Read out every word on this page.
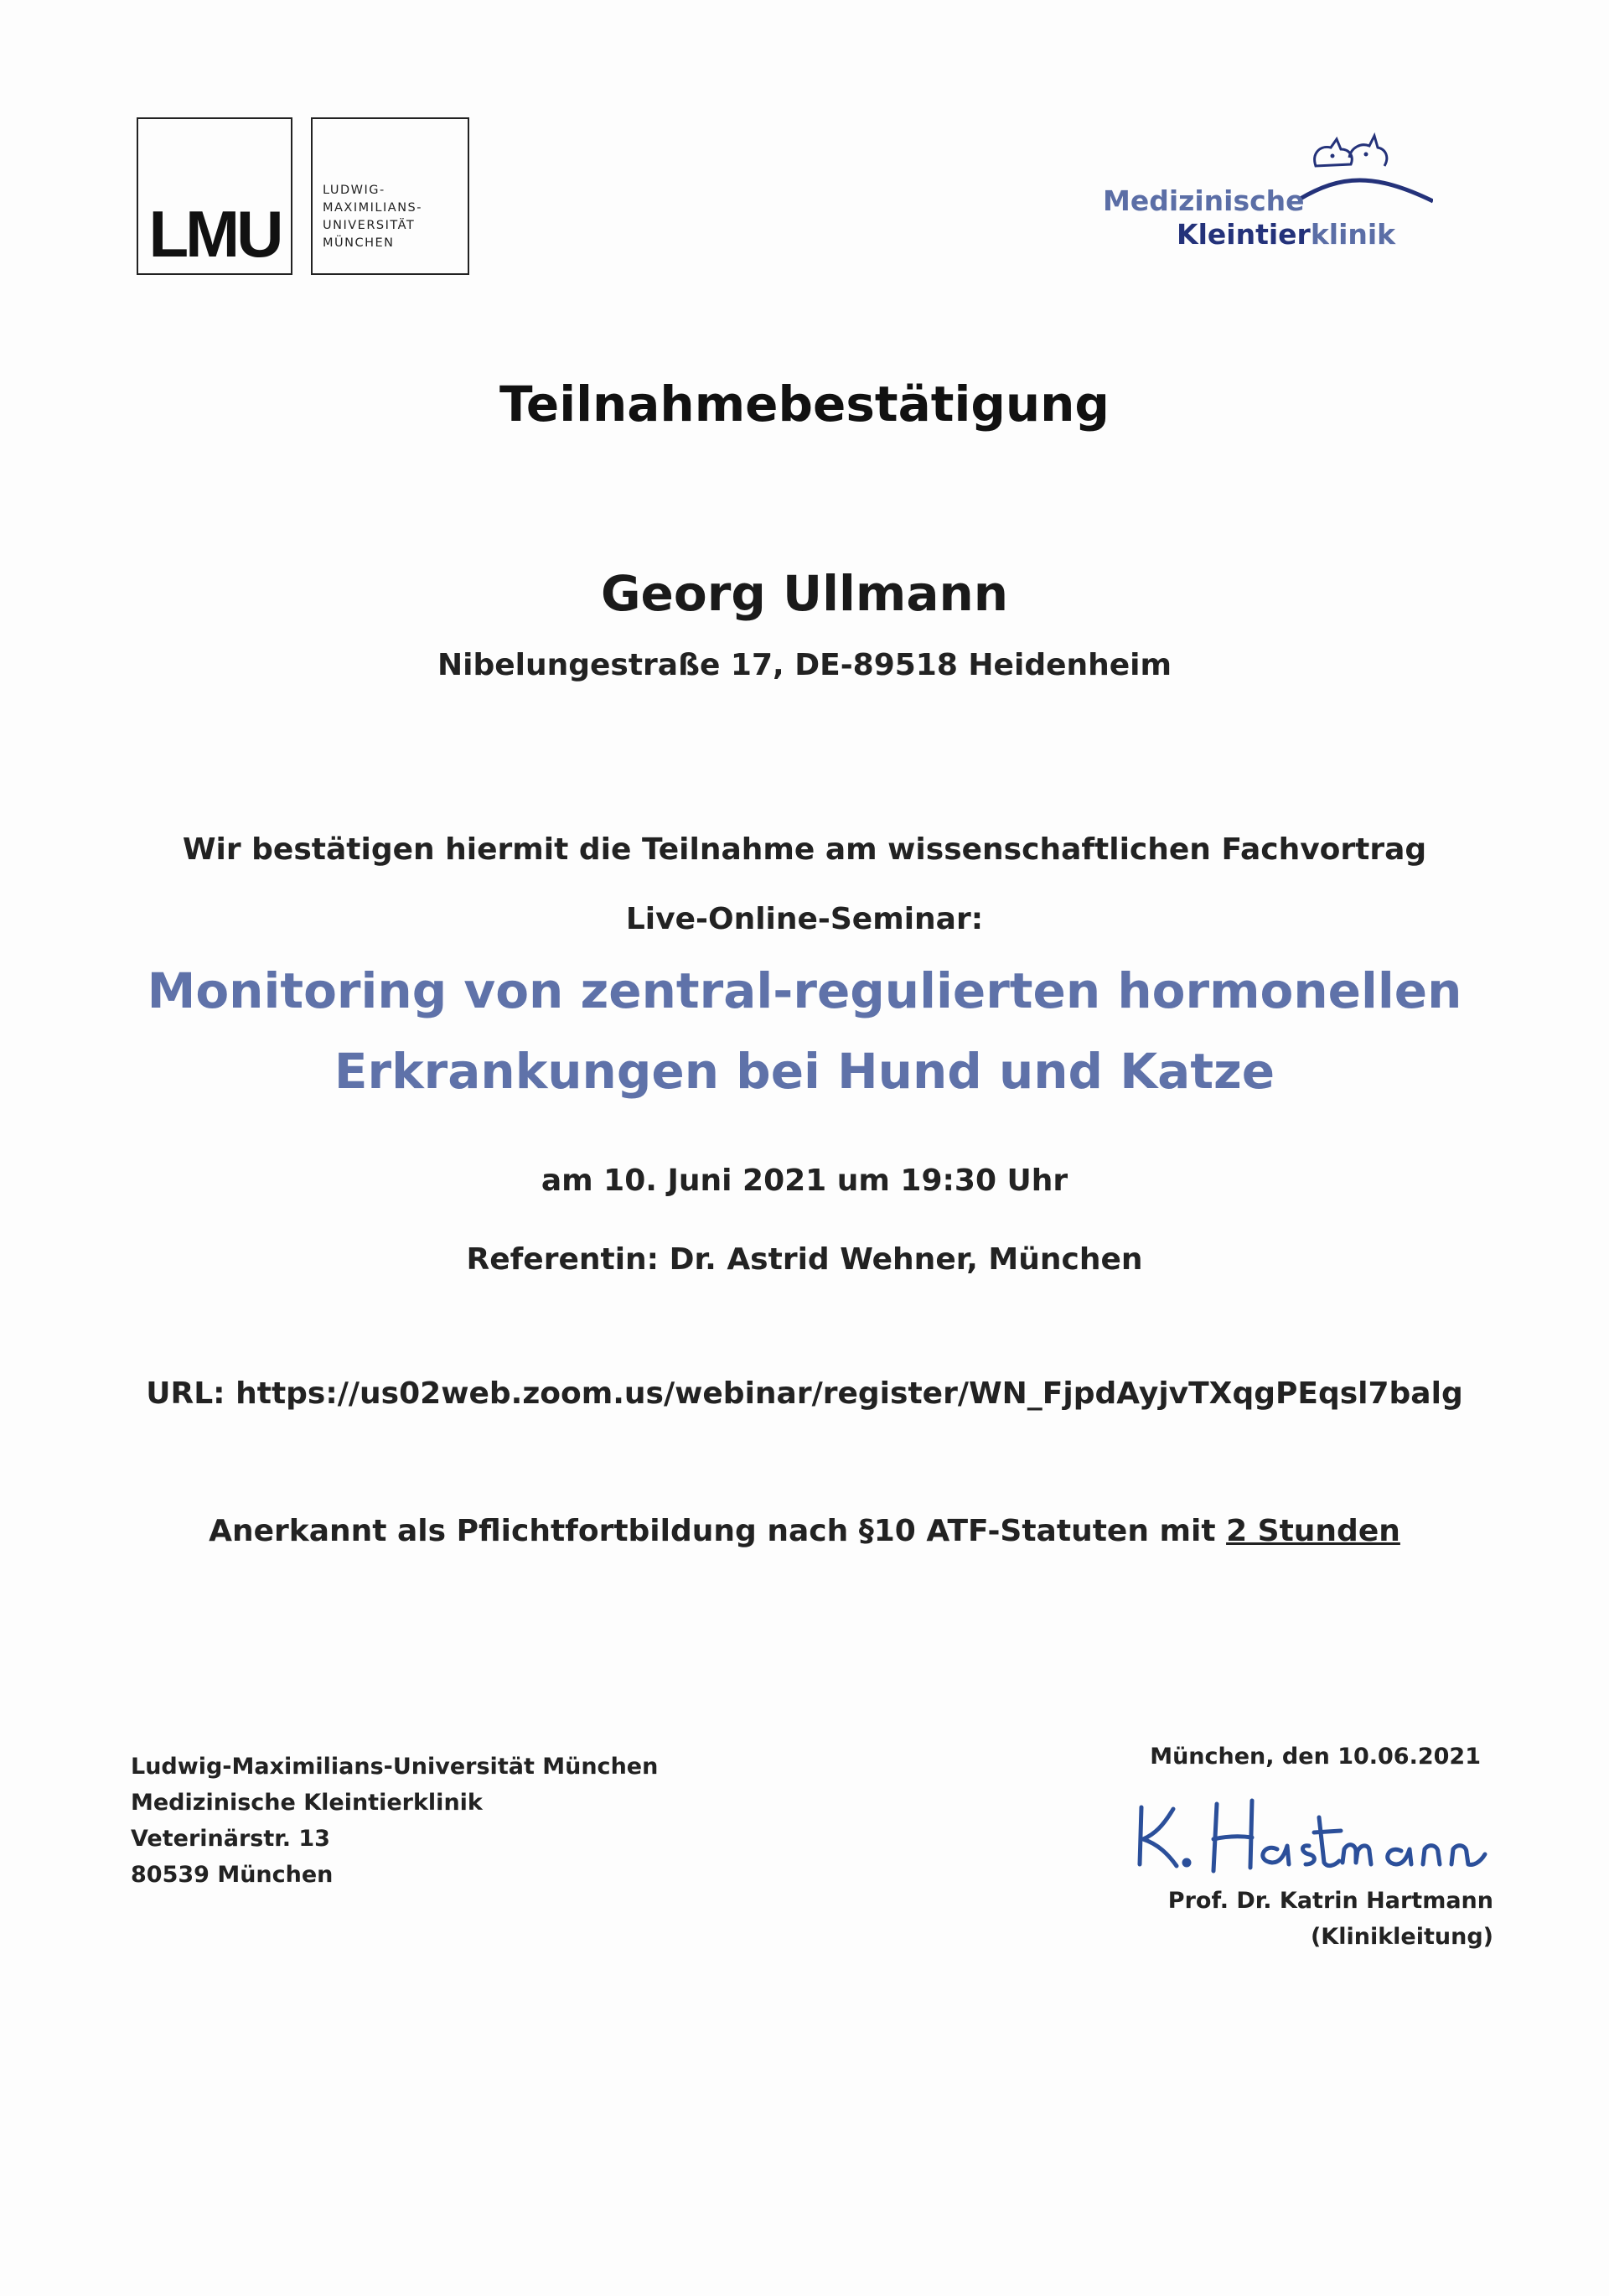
LMU
LUDWIG-
MAXIMILIANS-
UNIVERSITÄT
MÜNCHEN
Medizinische
Kleintierklinik
Teilnahmebestätigung
Georg Ullmann
Nibelungestraße 17, DE-89518 Heidenheim
Wir bestätigen hiermit die Teilnahme am wissenschaftlichen Fachvortrag
Live-Online-Seminar:
Monitoring von zentral-regulierten hormonellen
Erkrankungen bei Hund und Katze
am 10. Juni 2021 um 19:30 Uhr
Referentin: Dr. Astrid Wehner, München
URL: https://us02web.zoom.us/webinar/register/WN_FjpdAyjvTXqgPEqsl7balg
Anerkannt als Pflichtfortbildung nach §10 ATF-Statuten mit 2 Stunden
Ludwig-Maximilians-Universität München
Medizinische Kleintierklinik
Veterinärstr. 13
80539 München
München, den 10.06.2021
Prof. Dr. Katrin Hartmann
(Klinikleitung)
